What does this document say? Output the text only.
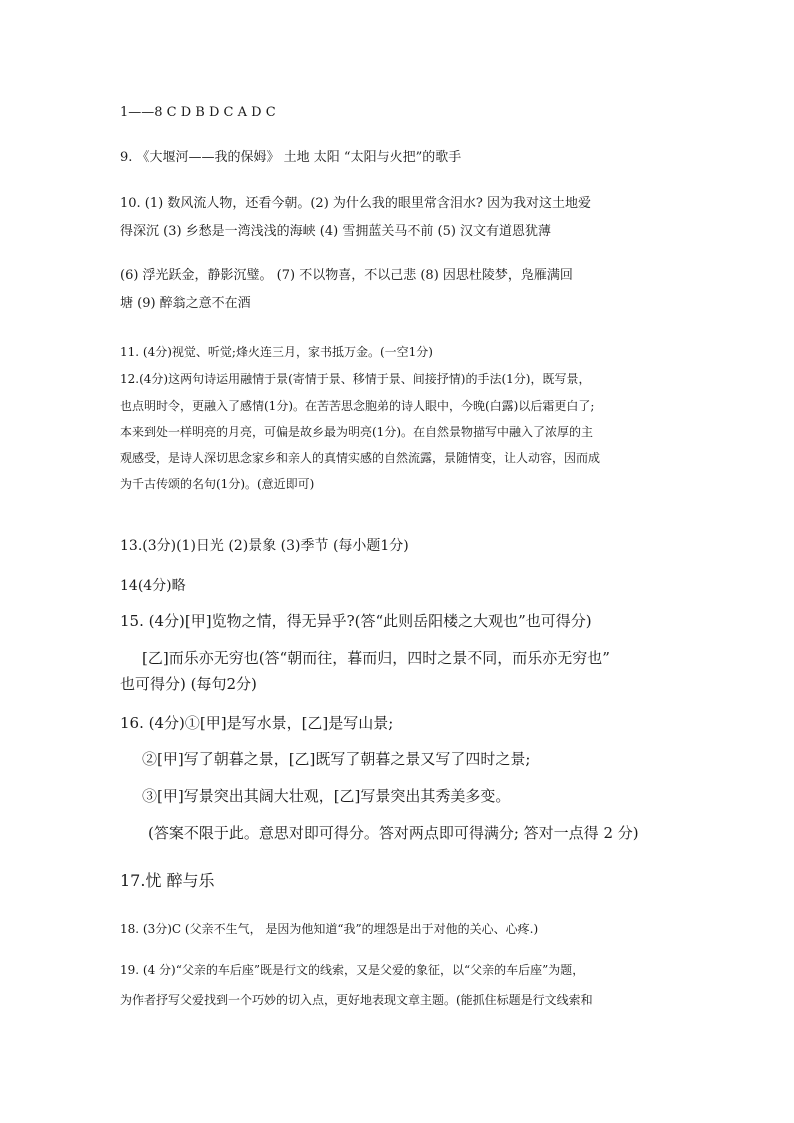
1——8 C D B D C A D C
9. 《大堰河——我的保姆》 土地 太阳 “太阳与火把”的歌手
10. (1) 数风流人物，还看今朝。(2) 为什么我的眼里常含泪水? 因为我对这土地爱
得深沉 (3) 乡愁是一湾浅浅的海峡 (4) 雪拥蓝关马不前 (5) 汉文有道恩犹薄
(6) 浮光跃金，静影沉璧。 (7) 不以物喜，不以己悲 (8) 因思杜陵梦，凫雁满回
塘 (9) 醉翁之意不在酒
11. (4分)视觉、听觉;烽火连三月，家书抵万金。(一空1分)
12.(4分)这两句诗运用融情于景(寄情于景、移情于景、间接抒情)的手法(1分)，既写景，
也点明时令，更融入了感情(1分)。在苦苦思念胞弟的诗人眼中，今晚(白露)以后霜更白了;
本来到处一样明亮的月亮，可偏是故乡最为明亮(1分)。在自然景物描写中融入了浓厚的主
观感受，是诗人深切思念家乡和亲人的真情实感的自然流露，景随情变，让人动容，因而成
为千古传颂的名句(1分)。(意近即可)
13.(3分)(1)日光 (2)景象 (3)季节 (每小题1分)
14(4分)略
15. (4分)[甲]览物之情，得无异乎?(答“此则岳阳楼之大观也”也可得分)
[乙]而乐亦无穷也(答“朝而往，暮而归，四时之景不同，而乐亦无穷也”
也可得分) (每句2分)
16. (4分)①[甲]是写水景，[乙]是写山景;
②[甲]写了朝暮之景，[乙]既写了朝暮之景又写了四时之景;
③[甲]写景突出其阔大壮观，[乙]写景突出其秀美多变。
(答案不限于此。意思对即可得分。答对两点即可得满分; 答对一点得 2 分)
17.忧 醉与乐
18. (3分)C (父亲不生气， 是因为他知道“我”的埋怨是出于对他的关心、心疼.)
19. (4 分)“父亲的车后座”既是行文的线索，又是父爱的象征，以“父亲的车后座”为题，
为作者抒写父爱找到一个巧妙的切入点，更好地表现文章主题。(能抓住标题是行文线索和
